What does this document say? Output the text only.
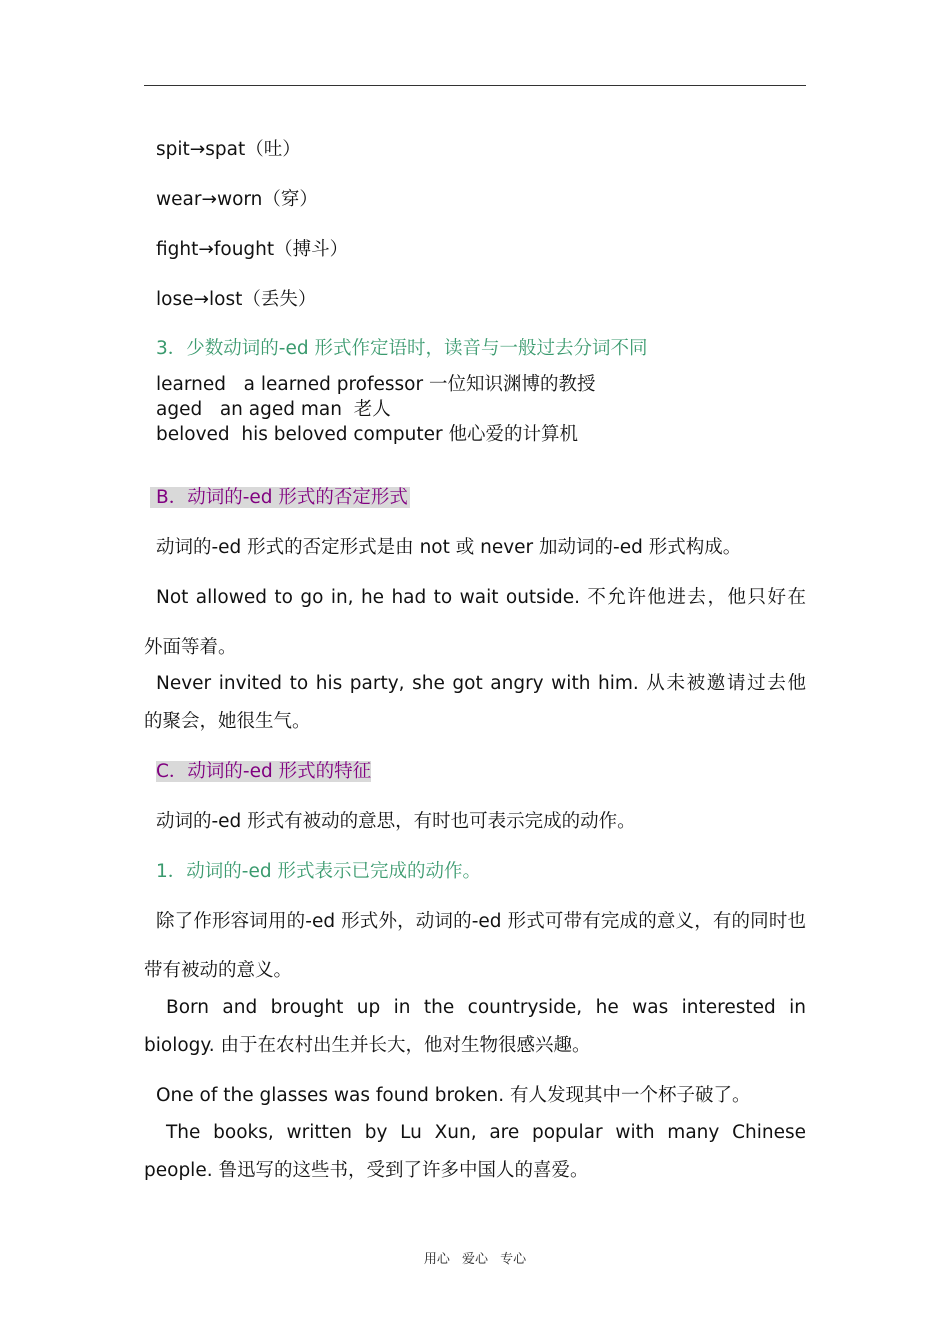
spit→spat（吐）
wear→worn（穿）
fight→fought（搏斗）
lose→lost（丢失）
3．少数动词的-ed 形式作定语时，读音与一般过去分词不同
learned   a learned professor 一位知识渊博的教授
aged   an aged man  老人
beloved  his beloved computer 他心爱的计算机
B．动词的-ed 形式的否定形式
动词的-ed 形式的否定形式是由 not 或 never 加动词的-ed 形式构成。
Not allowed to go in, he had to wait outside. 不允许他进去，他只好在
外面等着。
Never invited to his party, she got angry with him. 从未被邀请过去他
的聚会，她很生气。
C．动词的-ed 形式的特征
动词的-ed 形式有被动的意思，有时也可表示完成的动作。
1．动词的-ed 形式表示已完成的动作。
除了作形容词用的-ed 形式外，动词的-ed 形式可带有完成的意义，有的同时也
带有被动的意义。
Born and brought up in the countryside, he was interested in
biology. 由于在农村出生并长大，他对生物很感兴趣。
One of the glasses was found broken. 有人发现其中一个杯子破了。
The books, written by Lu Xun, are popular with many Chinese
people. 鲁迅写的这些书，受到了许多中国人的喜爱。
用心 爱心 专心
